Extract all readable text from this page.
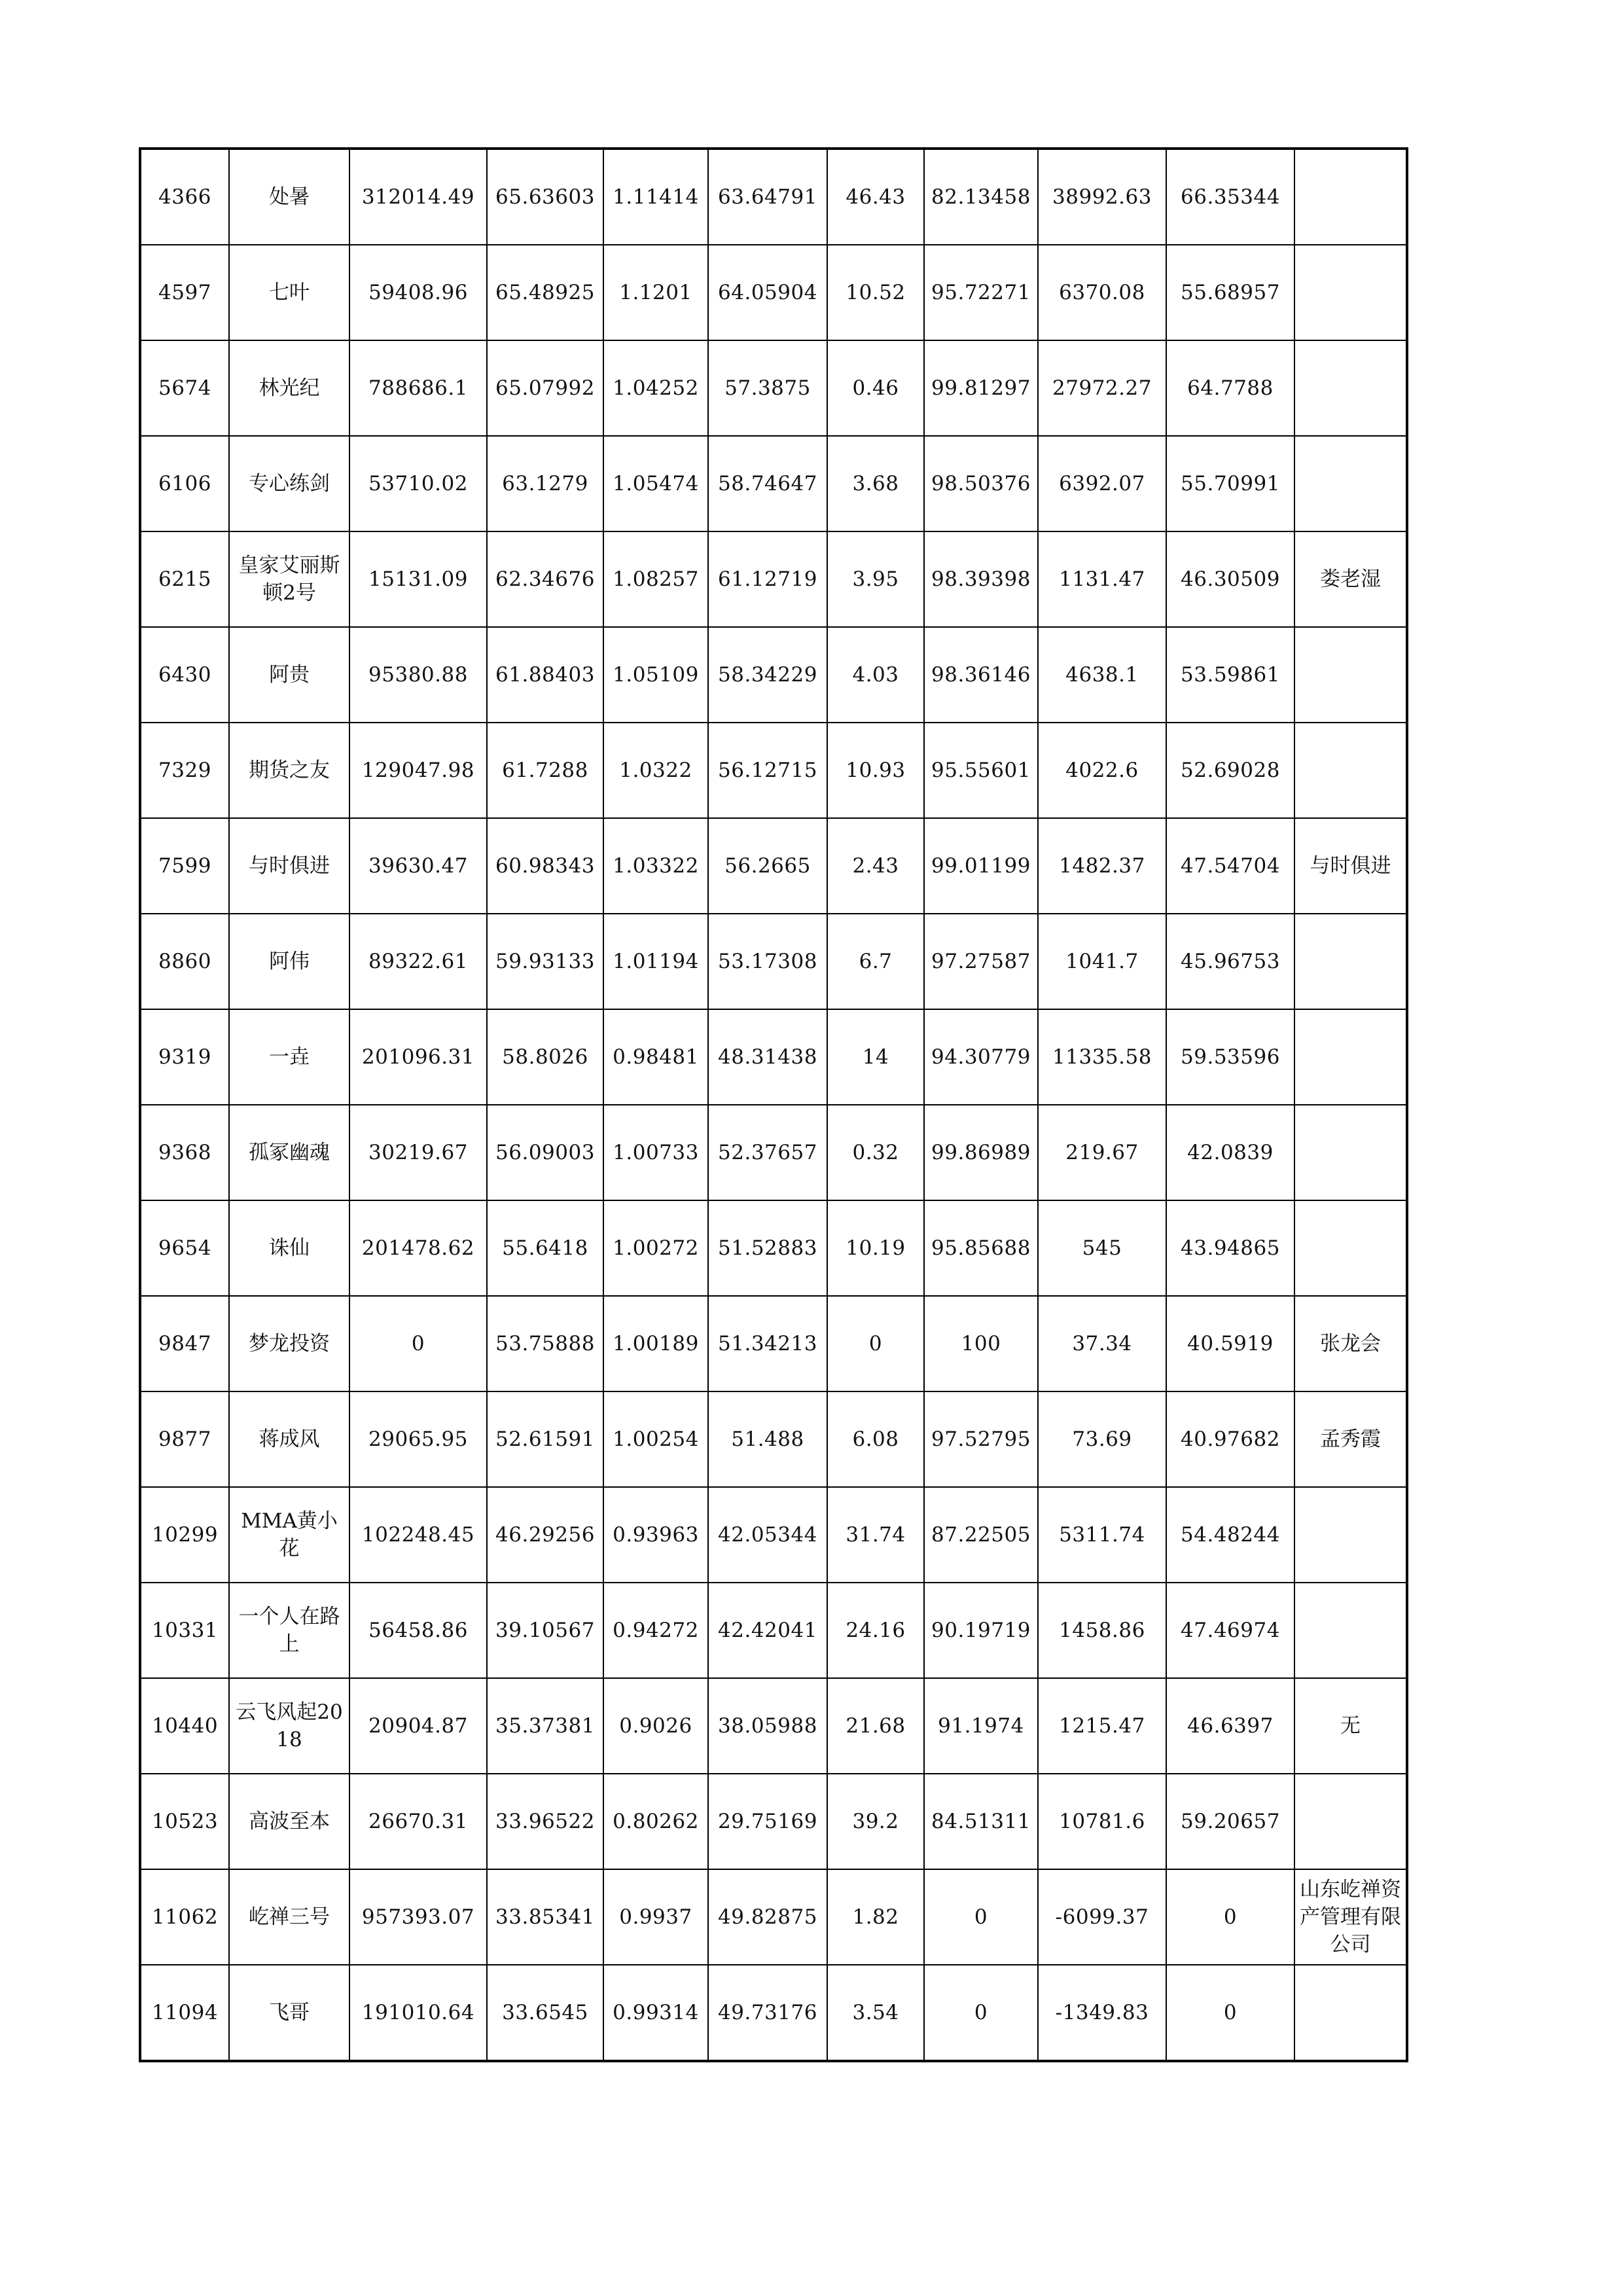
4366	处暑	312014.49	65.63603	1.11414	63.64791	46.43	82.13458	38992.63	66.35344	
4597	七叶	59408.96	65.48925	1.1201	64.05904	10.52	95.72271	6370.08	55.68957	
5674	林光纪	788686.1	65.07992	1.04252	57.3875	0.46	99.81297	27972.27	64.7788	
6106	专心练剑	53710.02	63.1279	1.05474	58.74647	3.68	98.50376	6392.07	55.70991	
6215	皇家艾丽斯顿2号	15131.09	62.34676	1.08257	61.12719	3.95	98.39398	1131.47	46.30509	娄老湿
6430	阿贵	95380.88	61.88403	1.05109	58.34229	4.03	98.36146	4638.1	53.59861	
7329	期货之友	129047.98	61.7288	1.0322	56.12715	10.93	95.55601	4022.6	52.69028	
7599	与时俱进	39630.47	60.98343	1.03322	56.2665	2.43	99.01199	1482.37	47.54704	与时俱进
8860	阿伟	89322.61	59.93133	1.01194	53.17308	6.7	97.27587	1041.7	45.96753	
9319	一垚	201096.31	58.8026	0.98481	48.31438	14	94.30779	11335.58	59.53596	
9368	孤冢幽魂	30219.67	56.09003	1.00733	52.37657	0.32	99.86989	219.67	42.0839	
9654	诛仙	201478.62	55.6418	1.00272	51.52883	10.19	95.85688	545	43.94865	
9847	梦龙投资	0	53.75888	1.00189	51.34213	0	100	37.34	40.5919	张龙会
9877	蒋成风	29065.95	52.61591	1.00254	51.488	6.08	97.52795	73.69	40.97682	孟秀霞
10299	MMA黄小花	102248.45	46.29256	0.93963	42.05344	31.74	87.22505	5311.74	54.48244	
10331	一个人在路上	56458.86	39.10567	0.94272	42.42041	24.16	90.19719	1458.86	47.46974	
10440	云飞风起2018	20904.87	35.37381	0.9026	38.05988	21.68	91.1974	1215.47	46.6397	无
10523	高波至本	26670.31	33.96522	0.80262	29.75169	39.2	84.51311	10781.6	59.20657	
11062	屹禅三号	957393.07	33.85341	0.9937	49.82875	1.82	0	-6099.37	0	山东屹禅资产管理有限公司
11094	飞哥	191010.64	33.6545	0.99314	49.73176	3.54	0	-1349.83	0	
